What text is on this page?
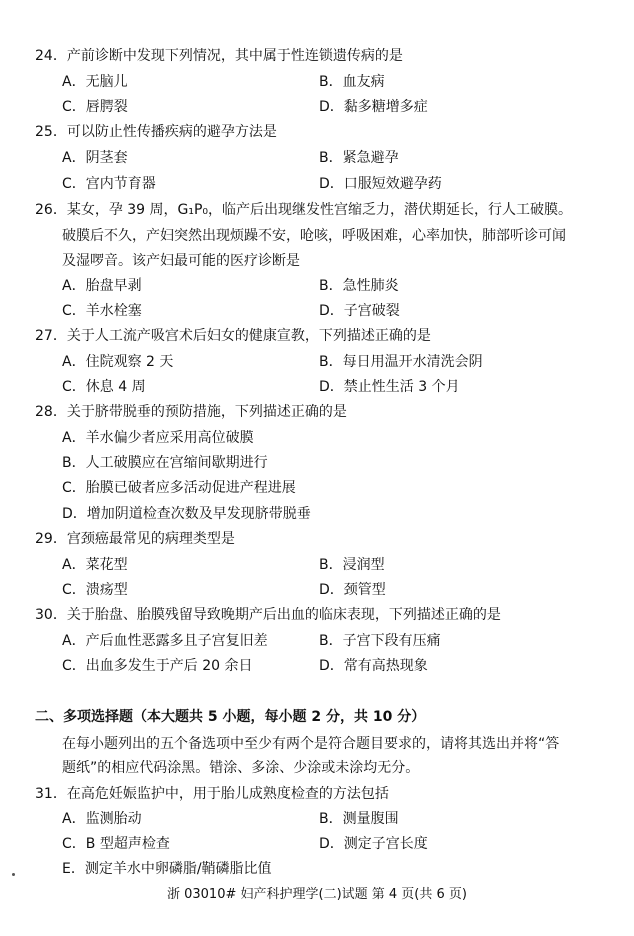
24．产前诊断中发现下列情况，其中属于性连锁遗传病的是
A．无脑儿	B．血友病
C．唇腭裂	D．黏多糖增多症
25．可以防止性传播疾病的避孕方法是
A．阴茎套	B．紧急避孕
C．宫内节育器	D．口服短效避孕药
26．某女，孕 39 周，G₁P₀，临产后出现继发性宫缩乏力，潜伏期延长，行人工破膜。
破膜后不久，产妇突然出现烦躁不安，呛咳，呼吸困难，心率加快，肺部听诊可闻
及湿啰音。该产妇最可能的医疗诊断是
A．胎盘早剥	B．急性肺炎
C．羊水栓塞	D．子宫破裂
27．关于人工流产吸宫术后妇女的健康宣教，下列描述正确的是
A．住院观察 2 天	B．每日用温开水清洗会阴
C．休息 4 周	D．禁止性生活 3 个月
28．关于脐带脱垂的预防措施，下列描述正确的是
A．羊水偏少者应采用高位破膜
B．人工破膜应在宫缩间歇期进行
C．胎膜已破者应多活动促进产程进展
D．增加阴道检查次数及早发现脐带脱垂
29．宫颈癌最常见的病理类型是
A．菜花型	B．浸润型
C．溃疡型	D．颈管型
30．关于胎盘、胎膜残留导致晚期产后出血的临床表现，下列描述正确的是
A．产后血性恶露多且子宫复旧差	B．子宫下段有压痛
C．出血多发生于产后 20 余日	D．常有高热现象
二、多项选择题（本大题共 5 小题，每小题 2 分，共 10 分）
在每小题列出的五个备选项中至少有两个是符合题目要求的，请将其选出并将“答
题纸”的相应代码涂黑。错涂、多涂、少涂或未涂均无分。
31．在高危妊娠监护中，用于胎儿成熟度检查的方法包括
A．监测胎动	B．测量腹围
C．B 型超声检查	D．测定子宫长度
E．测定羊水中卵磷脂/鞘磷脂比值
浙 03010# 妇产科护理学(二)试题 第 4 页(共 6 页)
